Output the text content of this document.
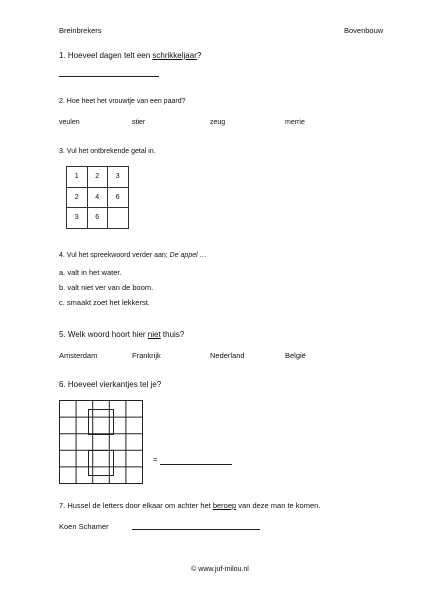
Breinbrekers	Bovenbouw
1. Hoeveel dagen telt een schrikkeljaar?
2. Hoe heet het vrouwtje van een paard?
veulen	stier	zeug	merrie
3. Vul het ontbrekende getal in.
1	2	3
2	4	6
3	6	
4. Vul het spreekwoord verder aan; De appel …
a. valt in het water.
b. valt niet ver van de boom.
c. smaakt zoet het lekkerst.
5. Welk woord hoort hier niet thuis?
Amsterdam	Frankrijk	Nederland	België
6. Hoeveel vierkantjes tel je?
=
7. Hussel de letters door elkaar om achter het beroep van deze man te komen.
Koen Schamer
© www.juf-milou.nl
